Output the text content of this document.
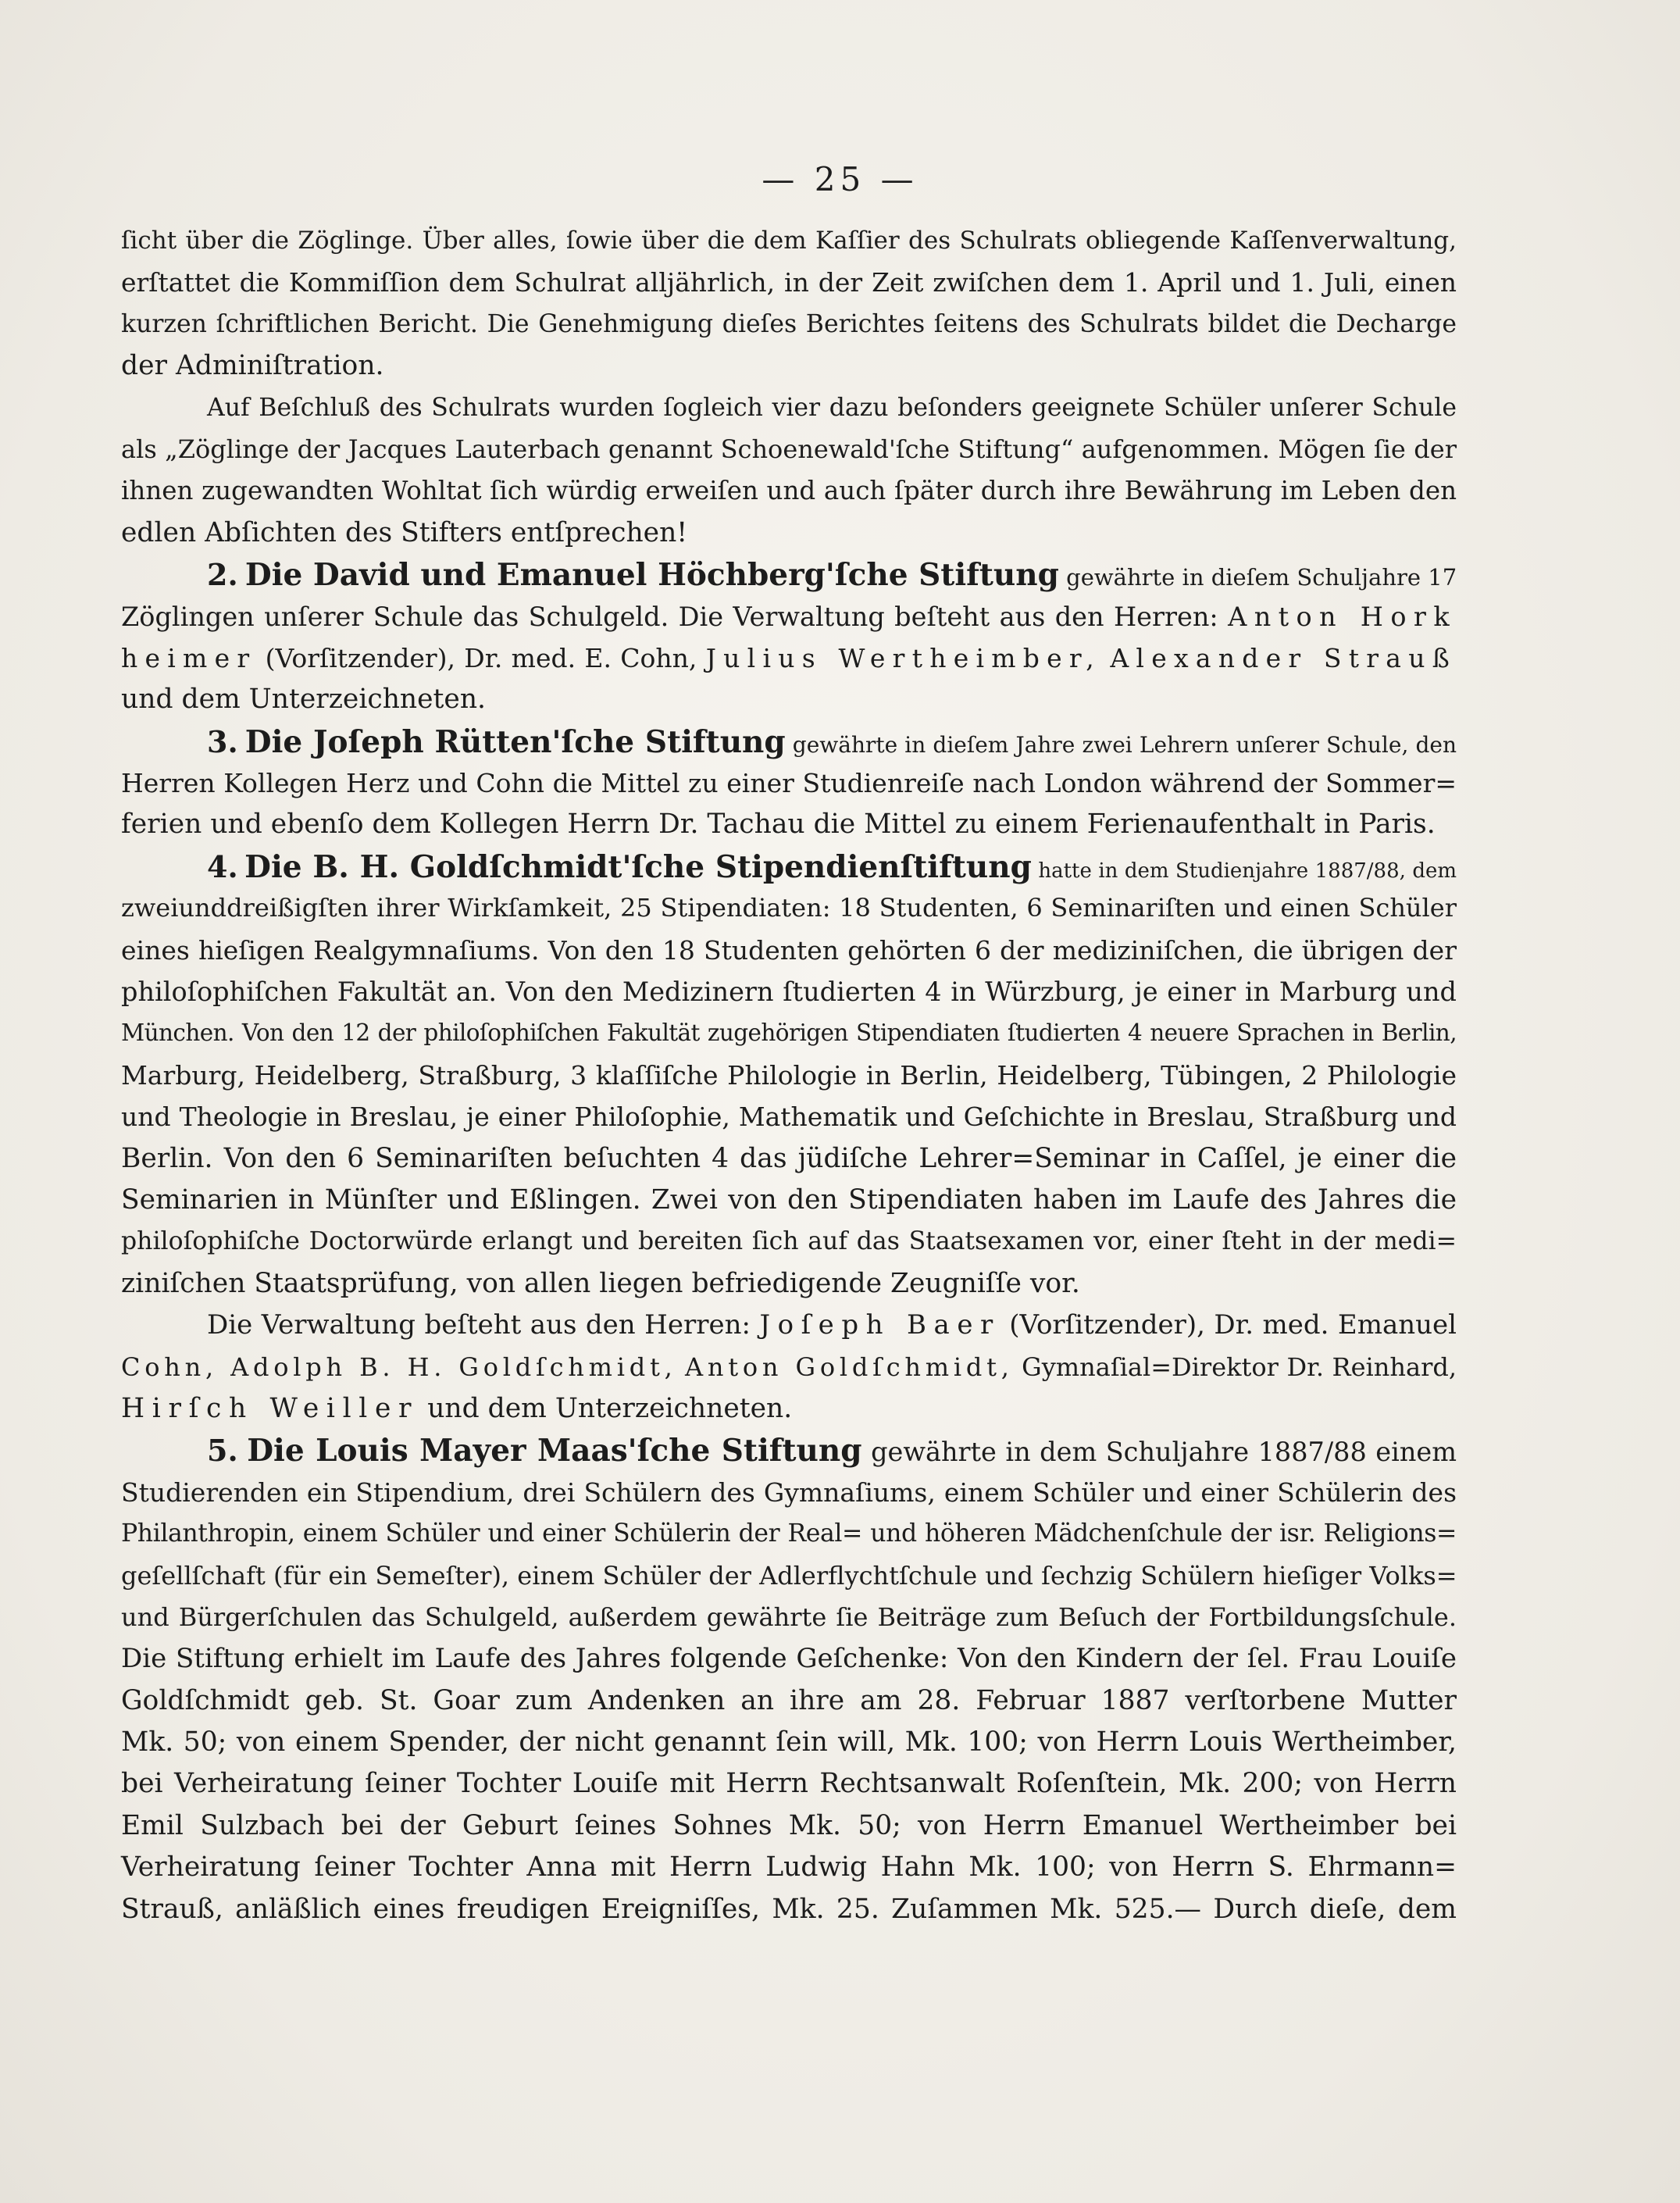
— 25 —
ſicht über die Zöglinge. Über alles, ſowie über die dem Kaſſier des Schulrats obliegende Kaſſenverwaltung,
erſtattet die Kommiſſion dem Schulrat alljährlich, in der Zeit zwiſchen dem 1. April und 1. Juli, einen
kurzen ſchriftlichen Bericht. Die Genehmigung dieſes Berichtes ſeitens des Schulrats bildet die Decharge
der Adminiſtration.
Auf Beſchluß des Schulrats wurden ſogleich vier dazu beſonders geeignete Schüler unſerer Schule
als „Zöglinge der Jacques Lauterbach genannt Schoenewald'ſche Stiftung“ aufgenommen. Mögen ſie der
ihnen zugewandten Wohltat ſich würdig erweiſen und auch ſpäter durch ihre Bewährung im Leben den
edlen Abſichten des Stifters entſprechen!
2. Die David und Emanuel Höchberg'ſche Stiftung gewährte in dieſem Schuljahre 17
Zöglingen unſerer Schule das Schulgeld. Die Verwaltung beſteht aus den Herren: Anton Hork
heimer (Vorſitzender), Dr. med. E. Cohn, Julius Wertheimber, Alexander Strauß
und dem Unterzeichneten.
3. Die Joſeph Rütten'ſche Stiftung gewährte in dieſem Jahre zwei Lehrern unſerer Schule, den
Herren Kollegen Herz und Cohn die Mittel zu einer Studienreiſe nach London während der Sommer=
ferien und ebenſo dem Kollegen Herrn Dr. Tachau die Mittel zu einem Ferienaufenthalt in Paris.
4. Die B. H. Goldſchmidt'ſche Stipendienſtiftung hatte in dem Studienjahre 1887/88, dem
zweiunddreißigſten ihrer Wirkſamkeit, 25 Stipendiaten: 18 Studenten, 6 Seminariſten und einen Schüler
eines hieſigen Realgymnaſiums. Von den 18 Studenten gehörten 6 der mediziniſchen, die übrigen der
philoſophiſchen Fakultät an. Von den Medizinern ſtudierten 4 in Würzburg, je einer in Marburg und
München. Von den 12 der philoſophiſchen Fakultät zugehörigen Stipendiaten ſtudierten 4 neuere Sprachen in Berlin,
Marburg, Heidelberg, Straßburg, 3 klaſſiſche Philologie in Berlin, Heidelberg, Tübingen, 2 Philologie
und Theologie in Breslau, je einer Philoſophie, Mathematik und Geſchichte in Breslau, Straßburg und
Berlin. Von den 6 Seminariſten beſuchten 4 das jüdiſche Lehrer=Seminar in Caſſel, je einer die
Seminarien in Münſter und Eßlingen. Zwei von den Stipendiaten haben im Laufe des Jahres die
philoſophiſche Doctorwürde erlangt und bereiten ſich auf das Staatsexamen vor, einer ſteht in der medi=
ziniſchen Staatsprüfung, von allen liegen befriedigende Zeugniſſe vor.
Die Verwaltung beſteht aus den Herren: Joſeph Baer (Vorſitzender), Dr. med. Emanuel
Cohn, Adolph B. H. Goldſchmidt, Anton Goldſchmidt, Gymnaſial=Direktor Dr. Reinhard,
Hirſch Weiller und dem Unterzeichneten.
5. Die Louis Mayer Maas'ſche Stiftung gewährte in dem Schuljahre 1887/88 einem
Studierenden ein Stipendium, drei Schülern des Gymnaſiums, einem Schüler und einer Schülerin des
Philanthropin, einem Schüler und einer Schülerin der Real= und höheren Mädchenſchule der isr. Religions=
geſellſchaft (für ein Semeſter), einem Schüler der Adlerflychtſchule und ſechzig Schülern hieſiger Volks=
und Bürgerſchulen das Schulgeld, außerdem gewährte ſie Beiträge zum Beſuch der Fortbildungsſchule.
Die Stiftung erhielt im Laufe des Jahres folgende Geſchenke: Von den Kindern der ſel. Frau Louiſe
Goldſchmidt geb. St. Goar zum Andenken an ihre am 28. Februar 1887 verſtorbene Mutter
Mk. 50; von einem Spender, der nicht genannt ſein will, Mk. 100; von Herrn Louis Wertheimber,
bei Verheiratung ſeiner Tochter Louiſe mit Herrn Rechtsanwalt Roſenſtein, Mk. 200; von Herrn
Emil Sulzbach bei der Geburt ſeines Sohnes Mk. 50; von Herrn Emanuel Wertheimber bei
Verheiratung ſeiner Tochter Anna mit Herrn Ludwig Hahn Mk. 100; von Herrn S. Ehrmann=
Strauß, anläßlich eines freudigen Ereigniſſes, Mk. 25. Zuſammen Mk. 525.— Durch dieſe, dem
